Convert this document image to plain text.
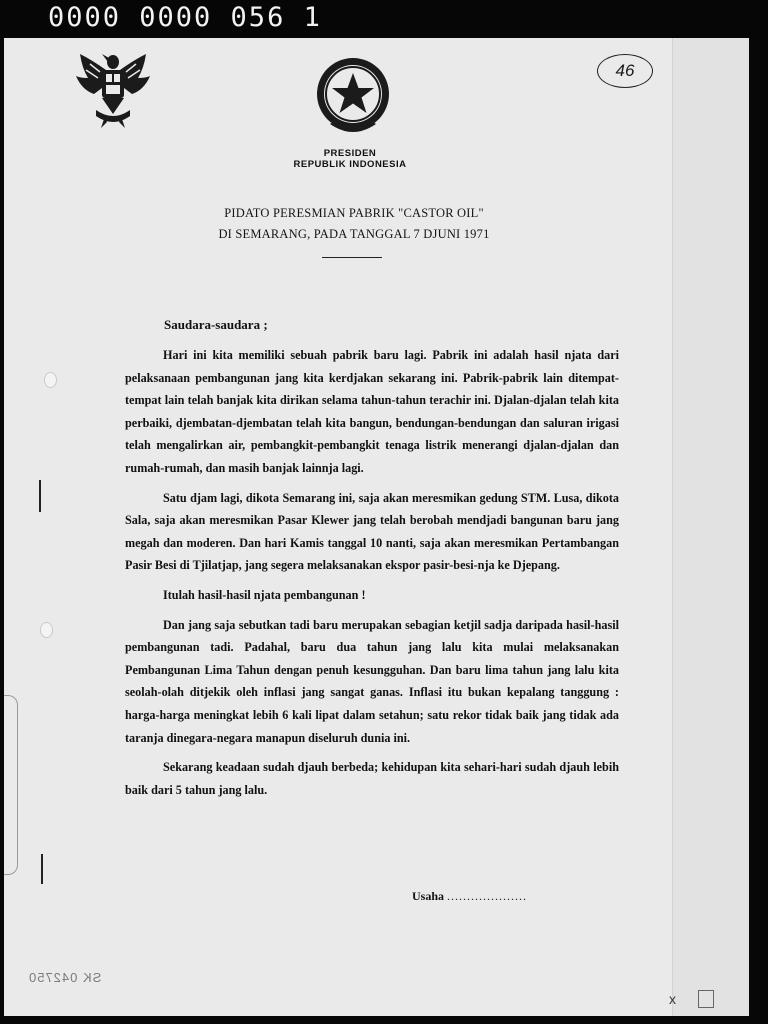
0000 0000 056 1
46
PRESIDEN
REPUBLIK INDONESIA
PIDATO PERESMIAN PABRIK "CASTOR OIL"
DI SEMARANG, PADA TANGGAL 7 DJUNI 1971
Saudara-saudara ;

Hari ini kita memiliki sebuah pabrik baru lagi. Pabrik ini adalah hasil njata dari pelaksanaan pembangunan jang kita kerdjakan sekarang ini. Pabrik-pabrik lain ditempat-tempat lain telah banjak kita dirikan selama tahun-tahun terachir ini. Djalan-djalan telah kita perbaiki, djembatan-djembatan telah kita bangun, bendungan-bendungan dan saluran irigasi telah mengalirkan air, pembangkit-pembangkit tenaga listrik menerangi djalan-djalan dan rumah-rumah, dan masih banjak lainnja lagi.

Satu djam lagi, dikota Semarang ini, saja akan meresmikan gedung STM. Lusa, dikota Sala, saja akan meresmikan Pasar Klewer jang telah berobah mendjadi bangunan baru jang megah dan moderen. Dan hari Kamis tanggal 10 nanti, saja akan meresmikan Pertambangan Pasir Besi di Tjilatjap, jang segera melaksanakan ekspor pasir-besi-nja ke Djepang.

Itulah hasil-hasil njata pembangunan !

Dan jang saja sebutkan tadi baru merupakan sebagian ketjil sadja daripada hasil-hasil pembangunan tadi. Padahal, baru dua tahun jang lalu kita mulai melaksanakan Pembangunan Lima Tahun dengan penuh kesungguhan. Dan baru lima tahun jang lalu kita seolah-olah ditjekik oleh inflasi jang sangat ganas. Inflasi itu bukan kepalang tanggung : harga-harga meningkat lebih 6 kali lipat dalam setahun; satu rekor tidak baik jang tidak ada taranja dinegara-negara manapun diseluruh dunia ini.

Sekarang keadaan sudah djauh berbeda; kehidupan kita sehari-hari sudah djauh lebih baik dari 5 tahun jang lalu.

Usaha ....................
SK 042750
x
